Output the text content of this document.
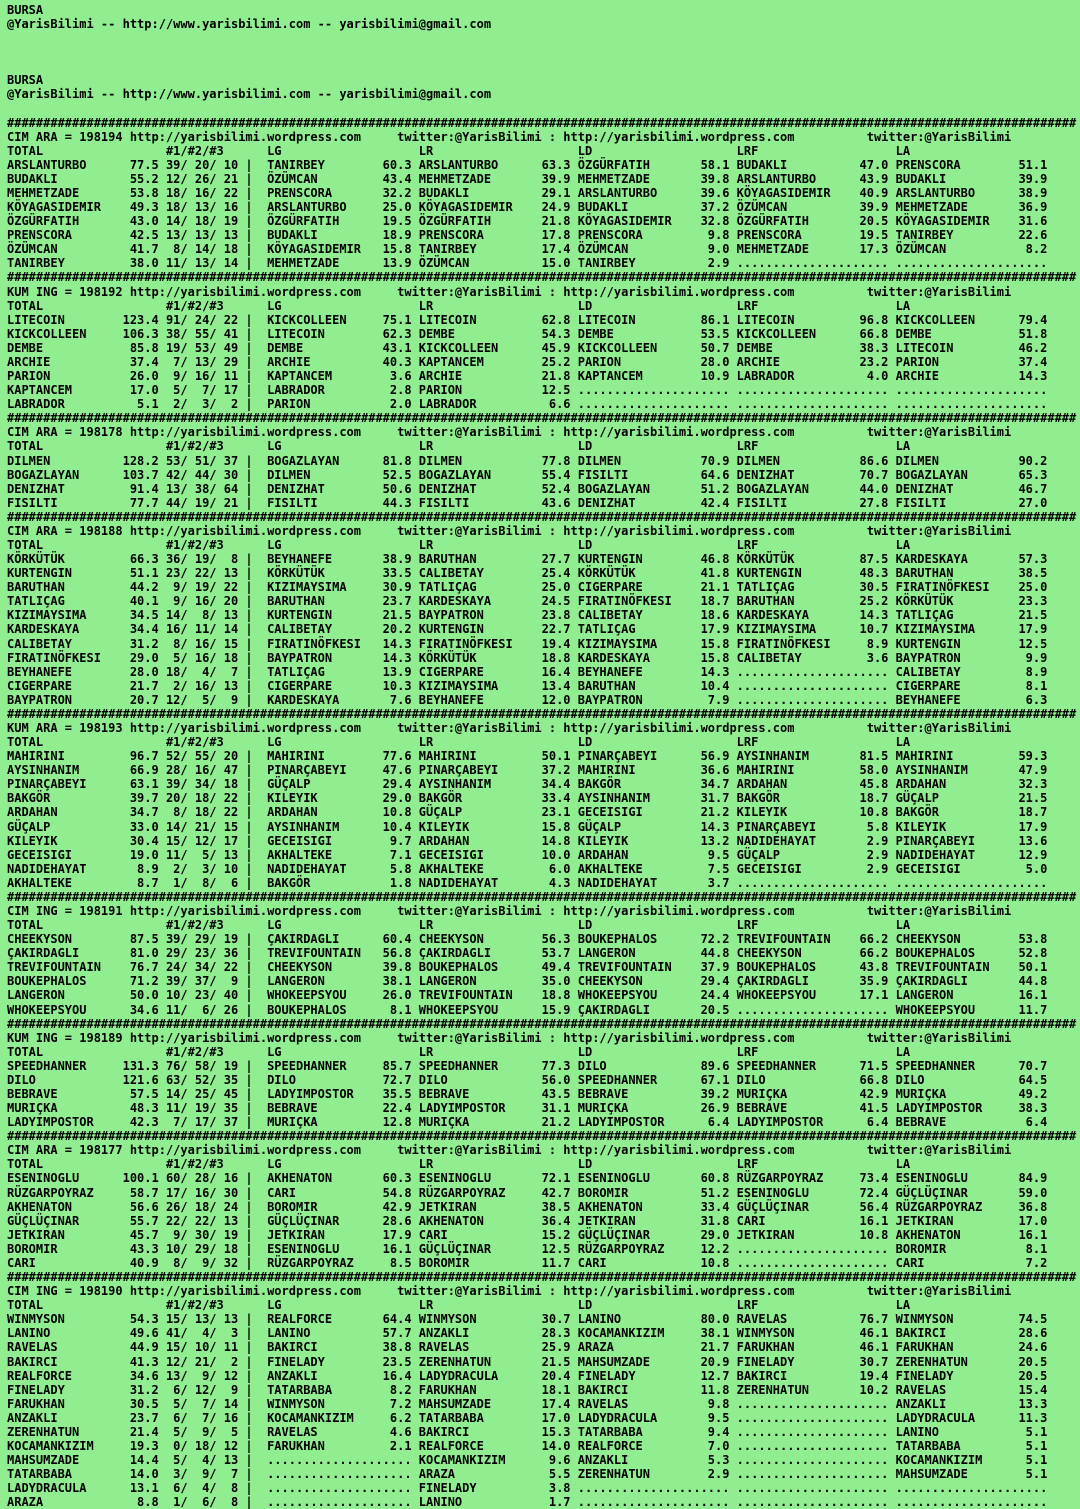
BURSA
@YarisBilimi -- http://www.yarisbilimi.com -- yarisbilimi@gmail.com

BURSA
@YarisBilimi -- http://www.yarisbilimi.com -- yarisbilimi@gmail.com

####################################################################################################################################################
CIM ARA = 198194 http://yarisbilimi.wordpress.com     twitter:@YarisBilimi : http://yarisbilimi.wordpress.com          twitter:@YarisBilimi
TOTAL                 #1/#2/#3      LG                   LR                    LD                    LRF                   LA
ARSLANTURBO      77.5 39/ 20/ 10 |  TANIRBEY        60.3 ARSLANTURBO      63.3 ÖZGÜRFATIH       58.1 BUDAKLI          47.0 PRENSCORA        51.1
BUDAKLI          55.2 12/ 26/ 21 |  ÖZÜMCAN         43.4 MEHMETZADE       39.9 MEHMETZADE       39.8 ARSLANTURBO      43.9 BUDAKLI          39.9
MEHMETZADE       53.8 18/ 16/ 22 |  PRENSCORA       32.2 BUDAKLI          29.1 ARSLANTURBO      39.6 KÖYAGASIDEMIR    40.9 ARSLANTURBO      38.9
KÖYAGASIDEMIR    49.3 18/ 13/ 16 |  ARSLANTURBO     25.0 KÖYAGASIDEMIR    24.9 BUDAKLI          37.2 ÖZÜMCAN          39.9 MEHMETZADE       36.9
ÖZGÜRFATIH       43.0 14/ 18/ 19 |  ÖZGÜRFATIH      19.5 ÖZGÜRFATIH       21.8 KÖYAGASIDEMIR    32.8 ÖZGÜRFATIH       20.5 KÖYAGASIDEMIR    31.6
PRENSCORA        42.5 13/ 13/ 13 |  BUDAKLI         18.9 PRENSCORA        17.8 PRENSCORA         9.8 PRENSCORA        19.5 TANIRBEY         22.6
ÖZÜMCAN          41.7  8/ 14/ 18 |  KÖYAGASIDEMIR   15.8 TANIRBEY         17.4 ÖZÜMCAN           9.0 MEHMETZADE       17.3 ÖZÜMCAN           8.2
TANIRBEY         38.0 11/ 13/ 14 |  MEHMETZADE      13.9 ÖZÜMCAN          15.0 TANIRBEY          2.9 ..................... .....................
####################################################################################################################################################
KUM ING = 198192 http://yarisbilimi.wordpress.com     twitter:@YarisBilimi : http://yarisbilimi.wordpress.com          twitter:@YarisBilimi
TOTAL                 #1/#2/#3      LG                   LR                    LD                    LRF                   LA
LITECOIN        123.4 91/ 24/ 22 |  KICKCOLLEEN     75.1 LITECOIN         62.8 LITECOIN         86.1 LITECOIN         96.8 KICKCOLLEEN      79.4
KICKCOLLEEN     106.3 38/ 55/ 41 |  LITECOIN        62.3 DEMBE            54.3 DEMBE            53.5 KICKCOLLEEN      66.8 DEMBE            51.8
DEMBE            85.8 19/ 53/ 49 |  DEMBE           43.1 KICKCOLLEEN      45.9 KICKCOLLEEN      50.7 DEMBE            38.3 LITECOIN         46.2
ARCHIE           37.4  7/ 13/ 29 |  ARCHIE          40.3 KAPTANCEM        25.2 PARION           28.0 ARCHIE           23.2 PARION           37.4
PARION           26.0  9/ 16/ 11 |  KAPTANCEM        3.6 ARCHIE           21.8 KAPTANCEM        10.9 LABRADOR          4.0 ARCHIE           14.3
KAPTANCEM        17.0  5/  7/ 17 |  LABRADOR         2.8 PARION           12.5 ..................... ..................... .....................
LABRADOR          5.1  2/  3/  2 |  PARION           2.0 LABRADOR          6.6 ..................... ..................... .....................
####################################################################################################################################################
CIM ARA = 198178 http://yarisbilimi.wordpress.com     twitter:@YarisBilimi : http://yarisbilimi.wordpress.com          twitter:@YarisBilimi
TOTAL                 #1/#2/#3      LG                   LR                    LD                    LRF                   LA
DILMEN          128.2 53/ 51/ 37 |  BOGAZLAYAN      81.8 DILMEN           77.8 DILMEN           70.9 DILMEN           86.6 DILMEN           90.2
BOGAZLAYAN      103.7 42/ 44/ 30 |  DILMEN          52.5 BOGAZLAYAN       55.4 FISILTI          64.6 DENIZHAT         70.7 BOGAZLAYAN       65.3
DENIZHAT         91.4 13/ 38/ 64 |  DENIZHAT        50.6 DENIZHAT         52.4 BOGAZLAYAN       51.2 BOGAZLAYAN       44.0 DENIZHAT         46.7
FISILTI          77.7 44/ 19/ 21 |  FISILTI         44.3 FISILTI          43.6 DENIZHAT         42.4 FISILTI          27.8 FISILTI          27.0
####################################################################################################################################################
CIM ARA = 198188 http://yarisbilimi.wordpress.com     twitter:@YarisBilimi : http://yarisbilimi.wordpress.com          twitter:@YarisBilimi
TOTAL                 #1/#2/#3      LG                   LR                    LD                    LRF                   LA
KÖRKÜTÜK         66.3 36/ 19/  8 |  BEYHANEFE       38.9 BARUTHAN         27.7 KURTENGIN        46.8 KÖRKÜTÜK         87.5 KARDESKAYA       57.3
KURTENGIN        51.1 23/ 22/ 13 |  KÖRKÜTÜK        33.5 CALIBETAY        25.4 KÖRKÜTÜK         41.8 KURTENGIN        48.3 BARUTHAN         38.5
BARUTHAN         44.2  9/ 19/ 22 |  KIZIMAYSIMA     30.9 TATLIÇAG         25.0 CIGERPARE        21.1 TATLIÇAG         30.5 FIRATINÖFKESI    25.0
TATLIÇAG         40.1  9/ 16/ 20 |  BARUTHAN        23.7 KARDESKAYA       24.5 FIRATINÖFKESI    18.7 BARUTHAN         25.2 KÖRKÜTÜK         23.3
KIZIMAYSIMA      34.5 14/  8/ 13 |  KURTENGIN       21.5 BAYPATRON        23.8 CALIBETAY        18.6 KARDESKAYA       14.3 TATLIÇAG         21.5
KARDESKAYA       34.4 16/ 11/ 14 |  CALIBETAY       20.2 KURTENGIN        22.7 TATLIÇAG         17.9 KIZIMAYSIMA      10.7 KIZIMAYSIMA      17.9
CALIBETAY        31.2  8/ 16/ 15 |  FIRATINÖFKESI   14.3 FIRATINÖFKESI    19.4 KIZIMAYSIMA      15.8 FIRATINÖFKESI     8.9 KURTENGIN        12.5
FIRATINÖFKESI    29.0  5/ 16/ 18 |  BAYPATRON       14.3 KÖRKÜTÜK         18.8 KARDESKAYA       15.8 CALIBETAY         3.6 BAYPATRON         9.9
BEYHANEFE        28.0 18/  4/  7 |  TATLIÇAG        13.9 CIGERPARE        16.4 BEYHANEFE        14.3 ..................... CALIBETAY         8.9
CIGERPARE        21.7  2/ 16/ 13 |  CIGERPARE       10.3 KIZIMAYSIMA      13.4 BARUTHAN         10.4 ..................... CIGERPARE         8.1
BAYPATRON        20.7 12/  5/  9 |  KARDESKAYA       7.6 BEYHANEFE        12.0 BAYPATRON         7.9 ..................... BEYHANEFE         6.3
####################################################################################################################################################
KUM ARA = 198193 http://yarisbilimi.wordpress.com     twitter:@YarisBilimi : http://yarisbilimi.wordpress.com          twitter:@YarisBilimi
TOTAL                 #1/#2/#3      LG                   LR                    LD                    LRF                   LA
MAHIRINI         96.7 52/ 55/ 20 |  MAHIRINI        77.6 MAHIRINI         50.1 PINARÇABEYI      56.9 AYSINHANIM       81.5 MAHIRINI         59.3
AYSINHANIM       66.9 28/ 16/ 47 |  PINARÇABEYI     47.6 PINARÇABEYI      37.2 MAHIRINI         36.6 MAHIRINI         58.0 AYSINHANIM       47.9
PINARÇABEYI      63.1 39/ 34/ 18 |  GÜÇALP          29.4 AYSINHANIM       34.4 BAKGÖR           34.7 ARDAHAN          45.8 ARDAHAN          32.3
BAKGÖR           39.7 20/ 18/ 22 |  KILEYIK         29.0 BAKGÖR           33.4 AYSINHANIM       31.7 BAKGÖR           18.7 GÜÇALP           21.5
ARDAHAN          34.7  8/ 18/ 22 |  ARDAHAN         10.8 GÜÇALP           23.1 GECEISIGI        21.2 KILEYIK          10.8 BAKGÖR           18.7
GÜÇALP           33.0 14/ 21/ 15 |  AYSINHANIM      10.4 KILEYIK          15.8 GÜÇALP           14.3 PINARÇABEYI       5.8 KILEYIK          17.9
KILEYIK          30.4 15/ 12/ 17 |  GECEISIGI        9.7 ARDAHAN          14.8 KILEYIK          13.2 NADIDEHAYAT       2.9 PINARÇABEYI      13.6
GECEISIGI        19.0 11/  5/ 13 |  AKHALTEKE        7.1 GECEISIGI        10.0 ARDAHAN           9.5 GÜÇALP            2.9 NADIDEHAYAT      12.9
NADIDEHAYAT       8.9  2/  3/ 10 |  NADIDEHAYAT      5.8 AKHALTEKE         6.0 AKHALTEKE         7.5 GECEISIGI         2.9 GECEISIGI         5.0
AKHALTEKE         8.7  1/  8/  6 |  BAKGÖR           1.8 NADIDEHAYAT       4.3 NADIDEHAYAT       3.7 ..................... .....................
####################################################################################################################################################
CIM ING = 198191 http://yarisbilimi.wordpress.com     twitter:@YarisBilimi : http://yarisbilimi.wordpress.com          twitter:@YarisBilimi
TOTAL                 #1/#2/#3      LG                   LR                    LD                    LRF                   LA
CHEEKYSON        87.5 39/ 29/ 19 |  ÇAKIRDAGLI      60.4 CHEEKYSON        56.3 BOUKEPHALOS      72.2 TREVIFOUNTAIN    66.2 CHEEKYSON        53.8
ÇAKIRDAGLI       81.0 29/ 23/ 36 |  TREVIFOUNTAIN   56.8 ÇAKIRDAGLI       53.7 LANGERON         44.8 CHEEKYSON        66.2 BOUKEPHALOS      52.8
TREVIFOUNTAIN    76.7 24/ 34/ 22 |  CHEEKYSON       39.8 BOUKEPHALOS      49.4 TREVIFOUNTAIN    37.9 BOUKEPHALOS      43.8 TREVIFOUNTAIN    50.1
BOUKEPHALOS      71.2 39/ 37/  9 |  LANGERON        38.1 LANGERON         35.0 CHEEKYSON        29.4 ÇAKIRDAGLI       35.9 ÇAKIRDAGLI       44.8
LANGERON         50.0 10/ 23/ 40 |  WHOKEEPSYOU     26.0 TREVIFOUNTAIN    18.8 WHOKEEPSYOU      24.4 WHOKEEPSYOU      17.1 LANGERON         16.1
WHOKEEPSYOU      34.6 11/  6/ 26 |  BOUKEPHALOS      8.1 WHOKEEPSYOU      15.9 ÇAKIRDAGLI       20.5 ..................... WHOKEEPSYOU      11.7
####################################################################################################################################################
KUM ING = 198189 http://yarisbilimi.wordpress.com     twitter:@YarisBilimi : http://yarisbilimi.wordpress.com          twitter:@YarisBilimi
TOTAL                 #1/#2/#3      LG                   LR                    LD                    LRF                   LA
SPEEDHANNER     131.3 76/ 58/ 19 |  SPEEDHANNER     85.7 SPEEDHANNER      77.3 DILO             89.6 SPEEDHANNER      71.5 SPEEDHANNER      70.7
DILO            121.6 63/ 52/ 35 |  DILO            72.7 DILO             56.0 SPEEDHANNER      67.1 DILO             66.8 DILO             64.5
BEBRAVE          57.5 14/ 25/ 45 |  LADYIMPOSTOR    35.5 BEBRAVE          43.5 BEBRAVE          39.2 MURIÇKA          42.9 MURIÇKA          49.2
MURIÇKA          48.3 11/ 19/ 35 |  BEBRAVE         22.4 LADYIMPOSTOR     31.1 MURIÇKA          26.9 BEBRAVE          41.5 LADYIMPOSTOR     38.3
LADYIMPOSTOR     42.3  7/ 17/ 37 |  MURIÇKA         12.8 MURIÇKA          21.2 LADYIMPOSTOR      6.4 LADYIMPOSTOR      6.4 BEBRAVE           6.4
####################################################################################################################################################
CIM ARA = 198177 http://yarisbilimi.wordpress.com     twitter:@YarisBilimi : http://yarisbilimi.wordpress.com          twitter:@YarisBilimi
TOTAL                 #1/#2/#3      LG                   LR                    LD                    LRF                   LA
ESENINOGLU      100.1 60/ 28/ 16 |  AKHENATON       60.3 ESENINOGLU       72.1 ESENINOGLU       60.8 RÜZGARPOYRAZ     73.4 ESENINOGLU       84.9
RÜZGARPOYRAZ     58.7 17/ 16/ 30 |  CARI            54.8 RÜZGARPOYRAZ     42.7 BOROMIR          51.2 ESENINOGLU       72.4 GÜÇLÜÇINAR       59.0
AKHENATON        56.6 26/ 18/ 24 |  BOROMIR         42.9 JETKIRAN         38.5 AKHENATON        33.4 GÜÇLÜÇINAR       56.4 RÜZGARPOYRAZ     36.8
GÜÇLÜÇINAR       55.7 22/ 22/ 13 |  GÜÇLÜÇINAR      28.6 AKHENATON        36.4 JETKIRAN         31.8 CARI             16.1 JETKIRAN         17.0
JETKIRAN         45.7  9/ 30/ 19 |  JETKIRAN        17.9 CARI             15.2 GÜÇLÜÇINAR       29.0 JETKIRAN         10.8 AKHENATON        16.1
BOROMIR          43.3 10/ 29/ 18 |  ESENINOGLU      16.1 GÜÇLÜÇINAR       12.5 RÜZGARPOYRAZ     12.2 ..................... BOROMIR           8.1
CARI             40.9  8/  9/ 32 |  RÜZGARPOYRAZ     8.5 BOROMIR          11.7 CARI             10.8 ..................... CARI              7.2
####################################################################################################################################################
CIM ING = 198190 http://yarisbilimi.wordpress.com     twitter:@YarisBilimi : http://yarisbilimi.wordpress.com          twitter:@YarisBilimi
TOTAL                 #1/#2/#3      LG                   LR                    LD                    LRF                   LA
WINMYSON         54.3 15/ 13/ 13 |  REALFORCE       64.4 WINMYSON         30.7 LANINO           80.0 RAVELAS          76.7 WINMYSON         74.5
LANINO           49.6 41/  4/  3 |  LANINO          57.7 ANZAKLI          28.3 KOCAMANKIZIM     38.1 WINMYSON         46.1 BAKIRCI          28.6
RAVELAS          44.9 15/ 10/ 11 |  BAKIRCI         38.8 RAVELAS          25.9 ARAZA            21.7 FARUKHAN         46.1 FARUKHAN         24.6
BAKIRCI          41.3 12/ 21/  2 |  FINELADY        23.5 ZERENHATUN       21.5 MAHSUMZADE       20.9 FINELADY         30.7 ZERENHATUN       20.5
REALFORCE        34.6 13/  9/ 12 |  ANZAKLI         16.4 LADYDRACULA      20.4 FINELADY         12.7 BAKIRCI          19.4 FINELADY         20.5
FINELADY         31.2  6/ 12/  9 |  TATARBABA        8.2 FARUKHAN         18.1 BAKIRCI          11.8 ZERENHATUN       10.2 RAVELAS          15.4
FARUKHAN         30.5  5/  7/ 14 |  WINMYSON         7.2 MAHSUMZADE       17.4 RAVELAS           9.8 ..................... ANZAKLI          13.3
ANZAKLI          23.7  6/  7/ 16 |  KOCAMANKIZIM     6.2 TATARBABA        17.0 LADYDRACULA       9.5 ..................... LADYDRACULA      11.3
ZERENHATUN       21.4  5/  9/  5 |  RAVELAS          4.6 BAKIRCI          15.3 TATARBABA         9.4 ..................... LANINO            5.1
KOCAMANKIZIM     19.3  0/ 18/ 12 |  FARUKHAN         2.1 REALFORCE        14.0 REALFORCE         7.0 ..................... TATARBABA         5.1
MAHSUMZADE       14.4  5/  4/ 13 |  .................... KOCAMANKIZIM      9.6 ANZAKLI           5.3 ..................... KOCAMANKIZIM      5.1
TATARBABA        14.0  3/  9/  7 |  .................... ARAZA             5.5 ZERENHATUN        2.9 ..................... MAHSUMZADE        5.1
LADYDRACULA      13.1  6/  4/  8 |  .................... FINELADY          3.8 ..................... ..................... .....................
ARAZA             8.8  1/  6/  8 |  .................... LANINO            1.7 ..................... ..................... .....................
